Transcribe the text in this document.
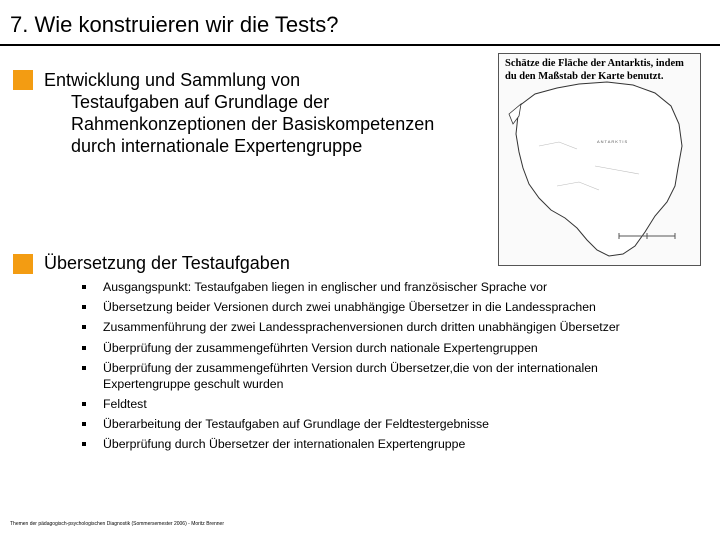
7. Wie konstruieren wir die Tests?
Entwicklung und Sammlung von
Testaufgaben auf Grundlage der Rahmenkonzeptionen der Basiskompetenzen durch internationale Expertengruppe
Schätze die Fläche der Antarktis, indem du den Maßstab der Karte benutzt.
ANTARKTIS
Übersetzung der Testaufgaben
Ausgangspunkt: Testaufgaben liegen in englischer und französischer Sprache vor
Übersetzung beider Versionen durch zwei unabhängige Übersetzer in die Landessprachen
Zusammenführung der zwei Landessprachenversionen durch dritten unabhängigen Übersetzer
Überprüfung der zusammengeführten Version durch nationale Expertengruppen
Überprüfung der zusammengeführten Version durch Übersetzer,die von der internationalen Expertengruppe geschult wurden
Feldtest
Überarbeitung der Testaufgaben auf Grundlage der Feldtestergebnisse
Überprüfung durch Übersetzer der internationalen Expertengruppe
Themen der pädagogisch-psychologischen Diagnostik (Sommersemester 2006) - Moritz Brenner
